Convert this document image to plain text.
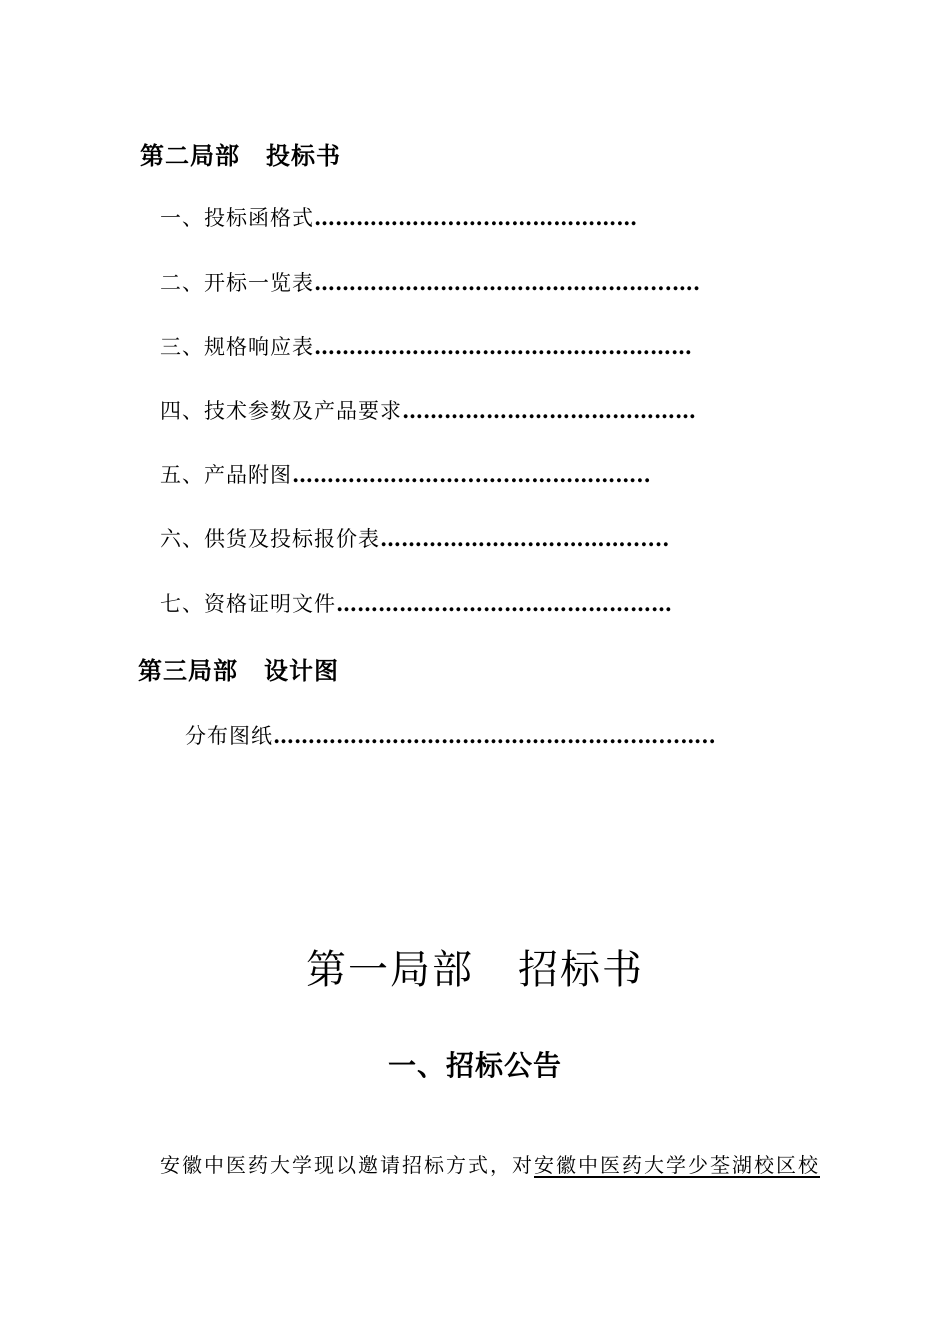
第二局部 投标书
一、投标函格式………………...….…………………
二、开标一览表…………………………………………...….
三、规格响应表………………………………………………
四、技术参数及产品要求……………………………………
五、产品附图……………………...….………………..
六、供货及投标报价表………………….….………......
七、资格证明文件…………………………………………
第三局部 设计图
分布图纸…………………………………………….…...…..
第一局部 招标书
一、招标公告
安徽中医药大学现以邀请招标方式，对安徽中医药大学少荃湖校区校
